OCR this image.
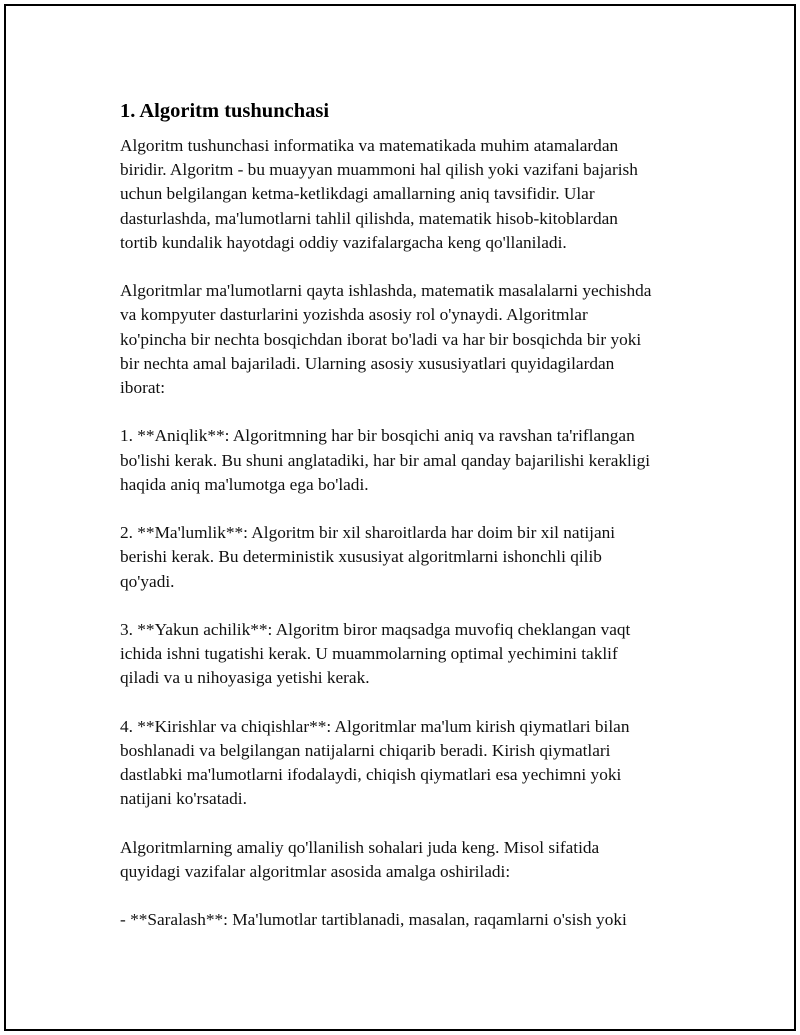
1. Algoritm tushunchasi
Algoritm tushunchasi informatika va matematikada muhim atamalardan
biridir. Algoritm - bu muayyan muammoni hal qilish yoki vazifani bajarish
uchun belgilangan ketma-ketlikdagi amallarning aniq tavsifidir. Ular
dasturlashda, ma'lumotlarni tahlil qilishda, matematik hisob-kitoblardan
tortib kundalik hayotdagi oddiy vazifalargacha keng qo'llaniladi.
Algoritmlar ma'lumotlarni qayta ishlashda, matematik masalalarni yechishda
va kompyuter dasturlarini yozishda asosiy rol o'ynaydi. Algoritmlar
ko'pincha bir nechta bosqichdan iborat bo'ladi va har bir bosqichda bir yoki
bir nechta amal bajariladi. Ularning asosiy xususiyatlari quyidagilardan
iborat:
1. **Aniqlik**: Algoritmning har bir bosqichi aniq va ravshan ta'riflangan
bo'lishi kerak. Bu shuni anglatadiki, har bir amal qanday bajarilishi kerakligi
haqida aniq ma'lumotga ega bo'ladi.
2. **Ma'lumlik**: Algoritm bir xil sharoitlarda har doim bir xil natijani
berishi kerak. Bu deterministik xususiyat algoritmlarni ishonchli qilib
qo'yadi.
3. **Yakun achilik**: Algoritm biror maqsadga muvofiq cheklangan vaqt
ichida ishni tugatishi kerak. U muammolarning optimal yechimini taklif
qiladi va u nihoyasiga yetishi kerak.
4. **Kirishlar va chiqishlar**: Algoritmlar ma'lum kirish qiymatlari bilan
boshlanadi va belgilangan natijalarni chiqarib beradi. Kirish qiymatlari
dastlabki ma'lumotlarni ifodalaydi, chiqish qiymatlari esa yechimni yoki
natijani ko'rsatadi.
Algoritmlarning amaliy qo'llanilish sohalari juda keng. Misol sifatida
quyidagi vazifalar algoritmlar asosida amalga oshiriladi:
- **Saralash**: Ma'lumotlar tartiblanadi, masalan, raqamlarni o'sish yoki
